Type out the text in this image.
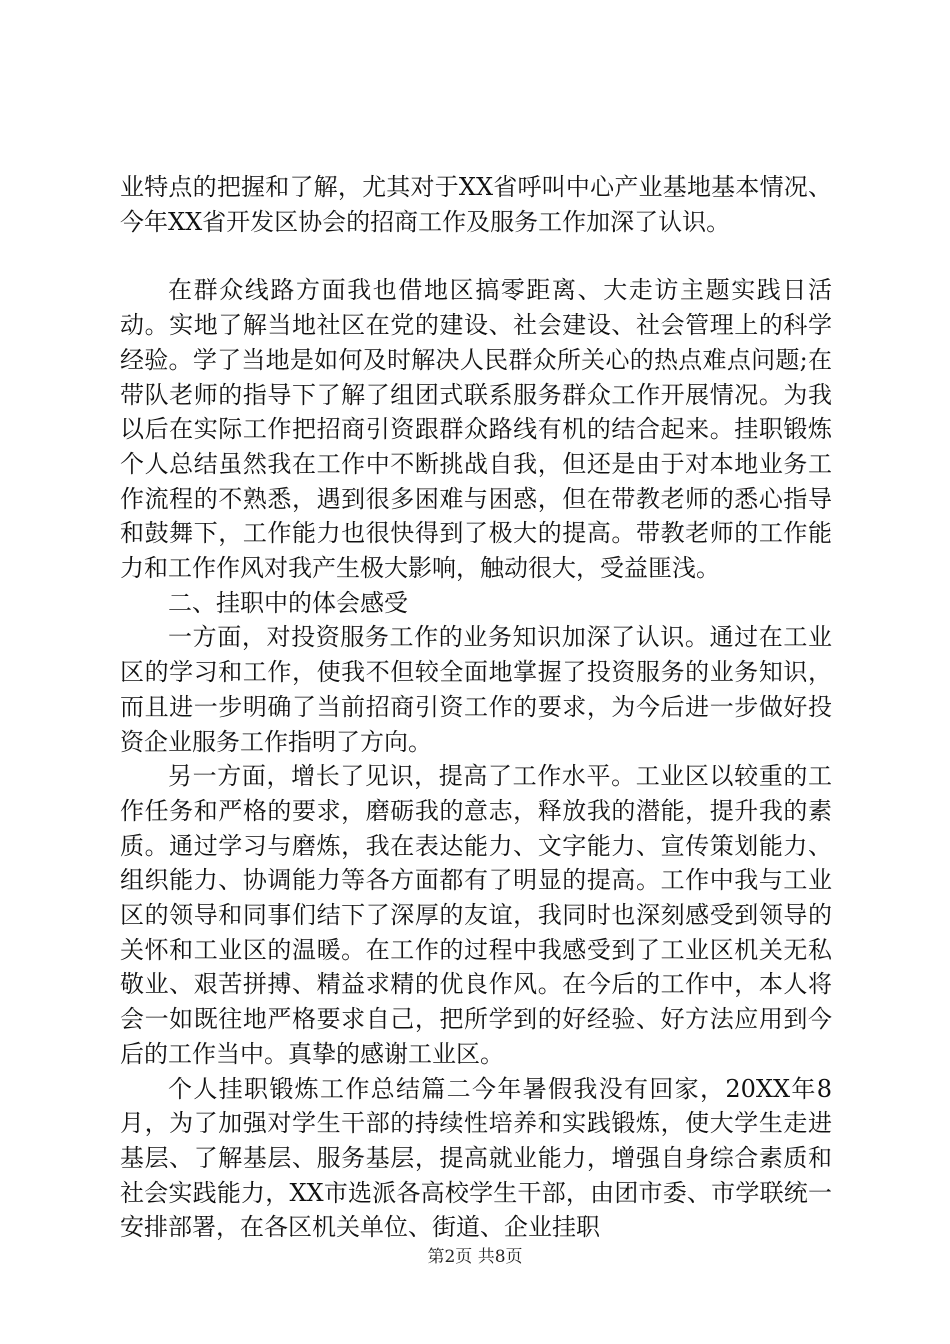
业特点的把握和了解，尤其对于XX省呼叫中心产业基地基本情况、今年XX省开发区协会的招商工作及服务工作加深了认识。

在群众线路方面我也借地区搞零距离、大走访主题实践日活动。实地了解当地社区在党的建设、社会建设、社会管理上的科学经验。学了当地是如何及时解决人民群众所关心的热点难点问题;在带队老师的指导下了解了组团式联系服务群众工作开展情况。为我以后在实际工作把招商引资跟群众路线有机的结合起来。挂职锻炼个人总结虽然我在工作中不断挑战自我，但还是由于对本地业务工作流程的不熟悉，遇到很多困难与困惑，但在带教老师的悉心指导和鼓舞下，工作能力也很快得到了极大的提高。带教老师的工作能力和工作作风对我产生极大影响，触动很大，受益匪浅。

二、挂职中的体会感受

一方面，对投资服务工作的业务知识加深了认识。通过在工业区的学习和工作，使我不但较全面地掌握了投资服务的业务知识，而且进一步明确了当前招商引资工作的要求，为今后进一步做好投资企业服务工作指明了方向。

另一方面，增长了见识，提高了工作水平。工业区以较重的工作任务和严格的要求，磨砺我的意志，释放我的潜能，提升我的素质。通过学习与磨炼，我在表达能力、文字能力、宣传策划能力、组织能力、协调能力等各方面都有了明显的提高。工作中我与工业区的领导和同事们结下了深厚的友谊，我同时也深刻感受到领导的关怀和工业区的温暖。在工作的过程中我感受到了工业区机关无私敬业、艰苦拼搏、精益求精的优良作风。在今后的工作中，本人将会一如既往地严格要求自己，把所学到的好经验、好方法应用到今后的工作当中。真挚的感谢工业区。

个人挂职锻炼工作总结篇二今年暑假我没有回家，20XX年8月，为了加强对学生干部的持续性培养和实践锻炼，使大学生走进基层、了解基层、服务基层，提高就业能力，增强自身综合素质和社会实践能力，XX市选派各高校学生干部，由团市委、市学联统一安排部署，在各区机关单位、街道、企业挂职

第2页 共8页
